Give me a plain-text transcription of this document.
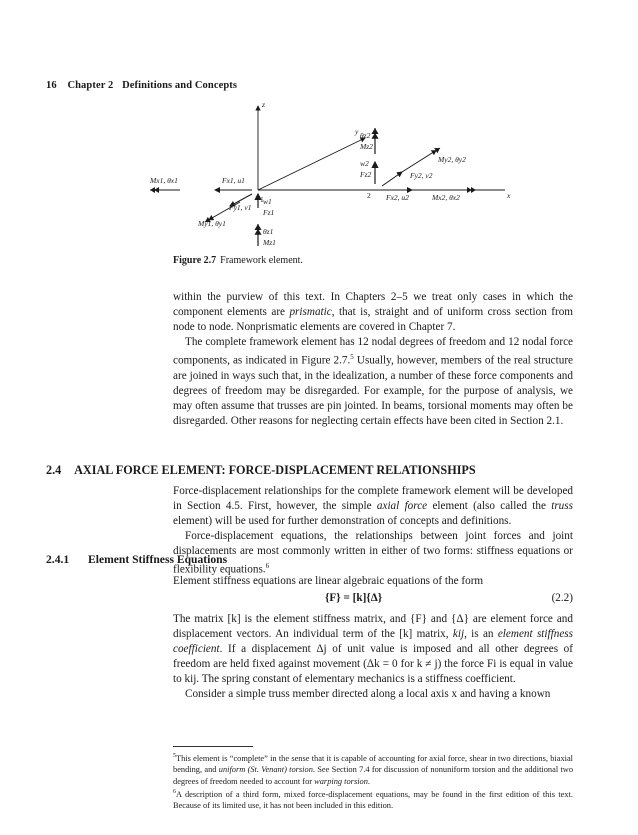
16 Chapter 2 Definitions and Concepts
z
y
x
1	2
Mx1, θx1	Fx1, u1
Fy1, v1
My1, θy1
w1
Fz1
θz1
Mz1
θz2
Mz2
w2
Fz2	Fy2, v2
My2, θy2
Fx2, u2	Mx2, θx2
Figure 2.7 Framework element.

within the purview of this text. In Chapters 2–5 we treat only cases in which the component elements are prismatic, that is, straight and of uniform cross section from node to node. Nonprismatic elements are covered in Chapter 7.

The complete framework element has 12 nodal degrees of freedom and 12 nodal force components, as indicated in Figure 2.7.$^5$ Usually, however, members of the real structure are joined in ways such that, in the idealization, a number of these force components and degrees of freedom may be disregarded. For example, for the purpose of analysis, we may often assume that trusses are pin jointed. In beams, torsional moments may often be disregarded. Other reasons for neglecting certain effects have been cited in Section 2.1.

2.4 AXIAL FORCE ELEMENT: FORCE-DISPLACEMENT RELATIONSHIPS

Force-displacement relationships for the complete framework element will be developed in Section 4.5. First, however, the simple axial force element (also called the truss element) will be used for further demonstration of concepts and definitions.

Force-displacement equations, the relationships between joint forces and joint displacements are most commonly written in either of two forms: stiffness equations or flexibility equations.$^6$

2.4.1 Element Stiffness Equations

Element stiffness equations are linear algebraic equations of the form

{F} = [k]{Δ}	(2.2)

The matrix [k] is the element stiffness matrix, and {F} and {Δ} are element force and displacement vectors. An individual term of the [k] matrix, kij, is an element stiffness coefficient. If a displacement Δj of unit value is imposed and all other degrees of freedom are held fixed against movement (Δk = 0 for k ≠ j) the force Fi is equal in value to kij. The spring constant of elementary mechanics is a stiffness coefficient.

Consider a simple truss member directed along a local axis x and having a known

$^5$This element is “complete” in the sense that it is capable of accounting for axial force, shear in two directions, biaxial bending, and uniform (St. Venant) torsion. See Section 7.4 for discussion of nonuniform torsion and the additional two degrees of freedom needed to account for warping torsion.

$^6$A description of a third form, mixed force-displacement equations, may be found in the first edition of this text. Because of its limited use, it has not been included in this edition.
